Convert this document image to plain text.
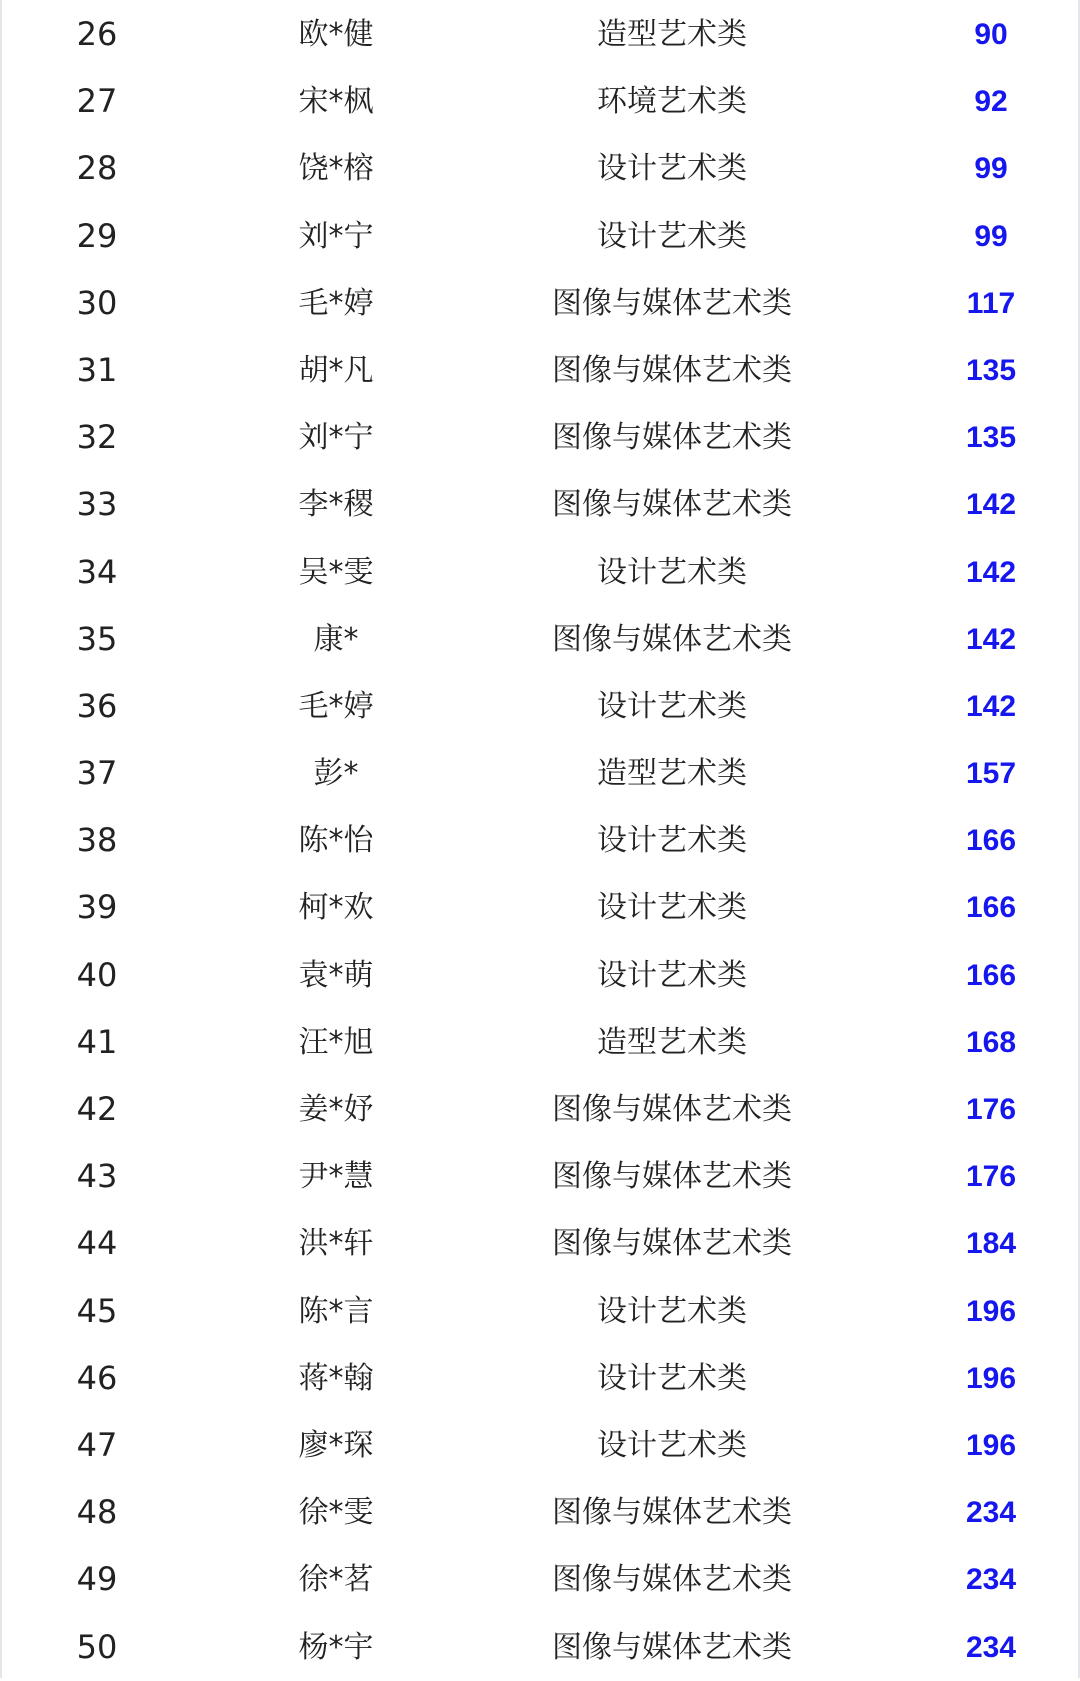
26	欧*健	造型艺术类	90
27	宋*枫	环境艺术类	92
28	饶*榕	设计艺术类	99
29	刘*宁	设计艺术类	99
30	毛*婷	图像与媒体艺术类	117
31	胡*凡	图像与媒体艺术类	135
32	刘*宁	图像与媒体艺术类	135
33	李*稷	图像与媒体艺术类	142
34	吴*雯	设计艺术类	142
35	康*	图像与媒体艺术类	142
36	毛*婷	设计艺术类	142
37	彭*	造型艺术类	157
38	陈*怡	设计艺术类	166
39	柯*欢	设计艺术类	166
40	袁*萌	设计艺术类	166
41	汪*旭	造型艺术类	168
42	姜*妤	图像与媒体艺术类	176
43	尹*慧	图像与媒体艺术类	176
44	洪*轩	图像与媒体艺术类	184
45	陈*言	设计艺术类	196
46	蒋*翰	设计艺术类	196
47	廖*琛	设计艺术类	196
48	徐*雯	图像与媒体艺术类	234
49	徐*茗	图像与媒体艺术类	234
50	杨*宇	图像与媒体艺术类	234
